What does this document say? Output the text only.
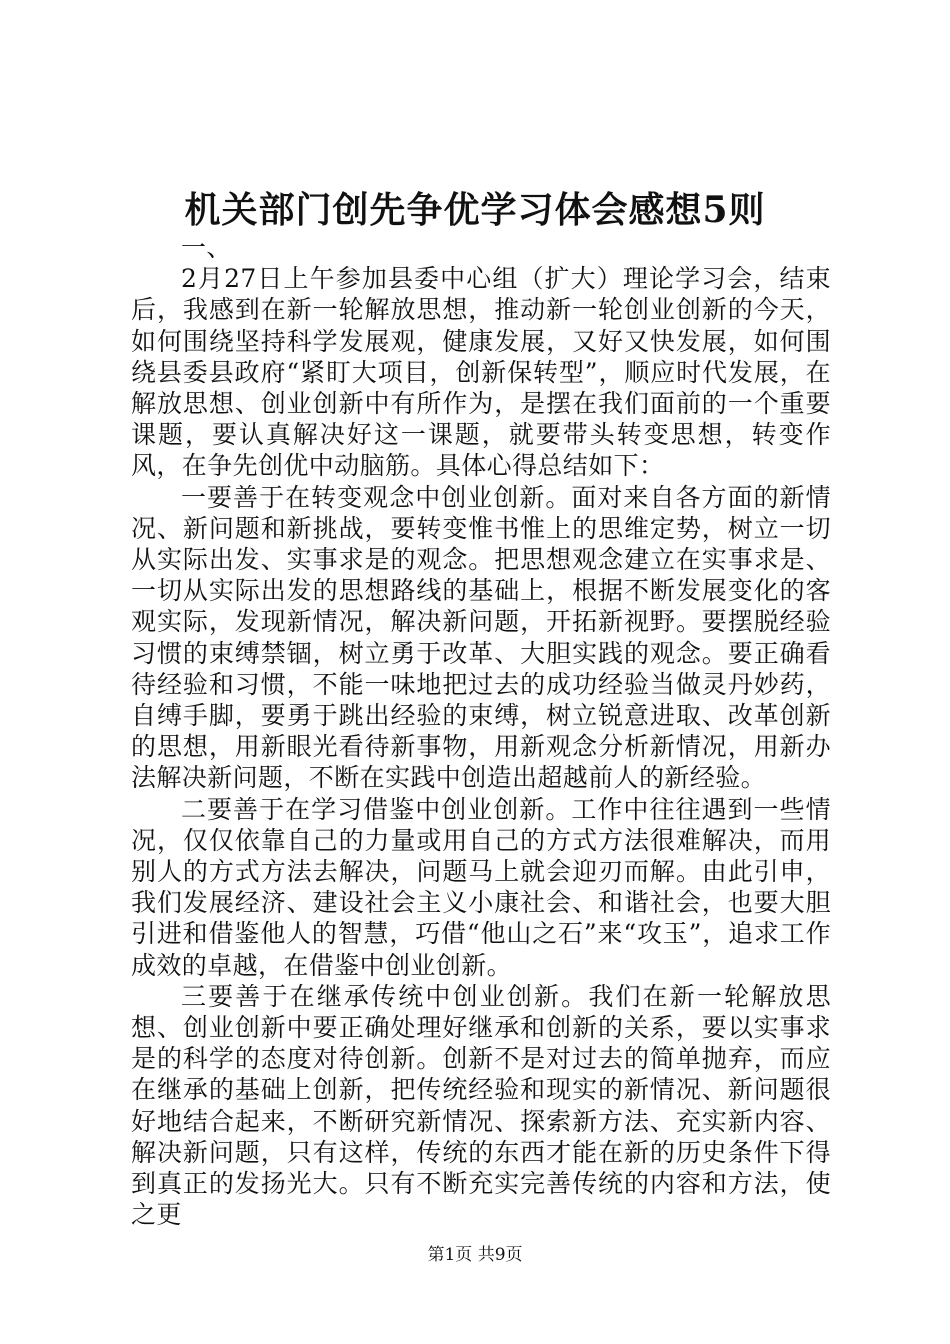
机关部门创先争优学习体会感想5则

一、

2月27日上午参加县委中心组（扩大）理论学习会，结束后，我感到在新一轮解放思想，推动新一轮创业创新的今天，如何围绕坚持科学发展观，健康发展，又好又快发展，如何围绕县委县政府“紧盯大项目，创新保转型”，顺应时代发展，在解放思想、创业创新中有所作为，是摆在我们面前的一个重要课题，要认真解决好这一课题，就要带头转变思想，转变作风，在争先创优中动脑筋。具体心得总结如下：

一要善于在转变观念中创业创新。面对来自各方面的新情况、新问题和新挑战，要转变惟书惟上的思维定势，树立一切从实际出发、实事求是的观念。把思想观念建立在实事求是、一切从实际出发的思想路线的基础上，根据不断发展变化的客观实际，发现新情况，解决新问题，开拓新视野。要摆脱经验习惯的束缚禁锢，树立勇于改革、大胆实践的观念。要正确看待经验和习惯，不能一味地把过去的成功经验当做灵丹妙药，自缚手脚，要勇于跳出经验的束缚，树立锐意进取、改革创新的思想，用新眼光看待新事物，用新观念分析新情况，用新办法解决新问题，不断在实践中创造出超越前人的新经验。

二要善于在学习借鉴中创业创新。工作中往往遇到一些情况，仅仅依靠自己的力量或用自己的方式方法很难解决，而用别人的方式方法去解决，问题马上就会迎刃而解。由此引申，我们发展经济、建设社会主义小康社会、和谐社会，也要大胆引进和借鉴他人的智慧，巧借“他山之石”来“攻玉”，追求工作成效的卓越，在借鉴中创业创新。

三要善于在继承传统中创业创新。我们在新一轮解放思想、创业创新中要正确处理好继承和创新的关系，要以实事求是的科学的态度对待创新。创新不是对过去的简单抛弃，而应在继承的基础上创新，把传统经验和现实的新情况、新问题很好地结合起来，不断研究新情况、探索新方法、充实新内容、解决新问题，只有这样，传统的东西才能在新的历史条件下得到真正的发扬光大。只有不断充实完善传统的内容和方法，使之更

第1页 共9页
